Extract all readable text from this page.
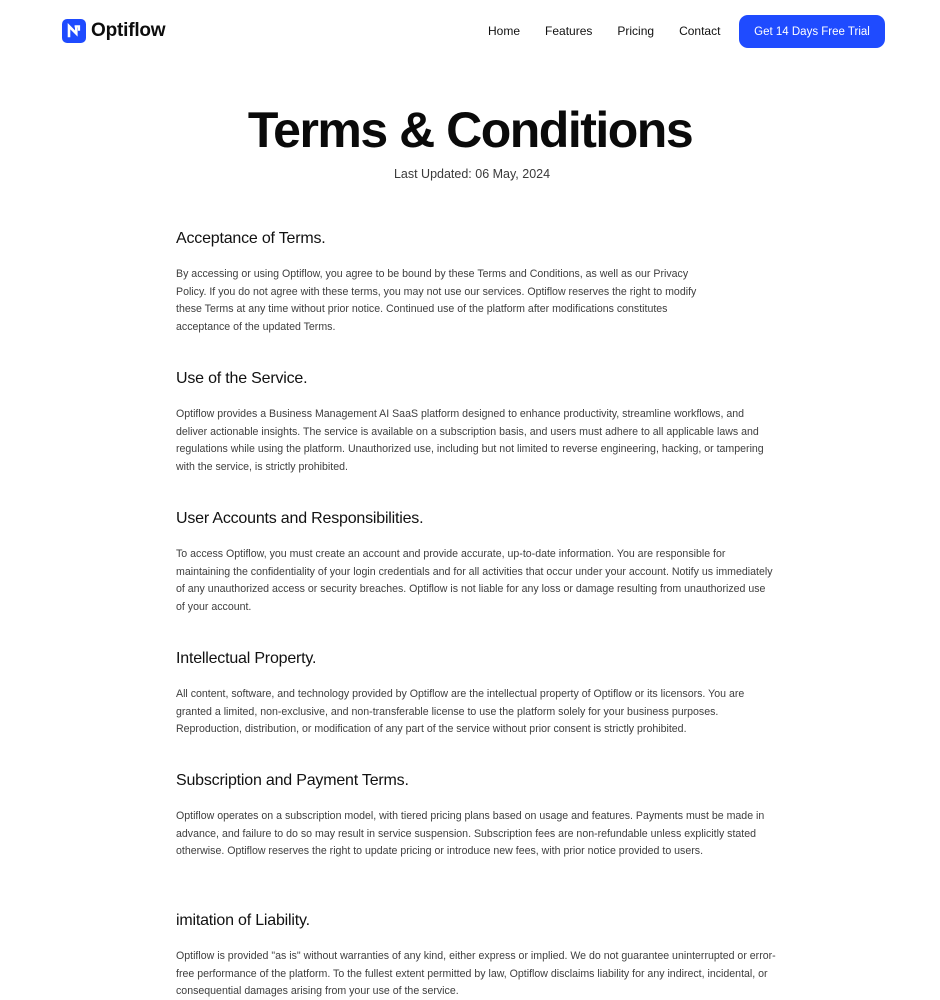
Optiflow	Home Features Pricing Contact	Get 14 Days Free Trial
Terms & Conditions
Last Updated: 06 May, 2024
Acceptance of Terms.

By accessing or using Optiflow, you agree to be bound by these Terms and Conditions, as well as our Privacy Policy. If you do not agree with these terms, you may not use our services. Optiflow reserves the right to modify these Terms at any time without prior notice. Continued use of the platform after modifications constitutes acceptance of the updated Terms.

Use of the Service.

Optiflow provides a Business Management AI SaaS platform designed to enhance productivity, streamline workflows, and deliver actionable insights. The service is available on a subscription basis, and users must adhere to all applicable laws and regulations while using the platform. Unauthorized use, including but not limited to reverse engineering, hacking, or tampering with the service, is strictly prohibited.

User Accounts and Responsibilities.

To access Optiflow, you must create an account and provide accurate, up-to-date information. You are responsible for maintaining the confidentiality of your login credentials and for all activities that occur under your account. Notify us immediately of any unauthorized access or security breaches. Optiflow is not liable for any loss or damage resulting from unauthorized use of your account.

Intellectual Property.

All content, software, and technology provided by Optiflow are the intellectual property of Optiflow or its licensors. You are granted a limited, non-exclusive, and non-transferable license to use the platform solely for your business purposes. Reproduction, distribution, or modification of any part of the service without prior consent is strictly prohibited.

Subscription and Payment Terms.

Optiflow operates on a subscription model, with tiered pricing plans based on usage and features. Payments must be made in advance, and failure to do so may result in service suspension. Subscription fees are non-refundable unless explicitly stated otherwise. Optiflow reserves the right to update pricing or introduce new fees, with prior notice provided to users.

imitation of Liability.

Optiflow is provided "as is" without warranties of any kind, either express or implied. We do not guarantee uninterrupted or error-free performance of the platform. To the fullest extent permitted by law, Optiflow disclaims liability for any indirect, incidental, or consequential damages arising from your use of the service.
